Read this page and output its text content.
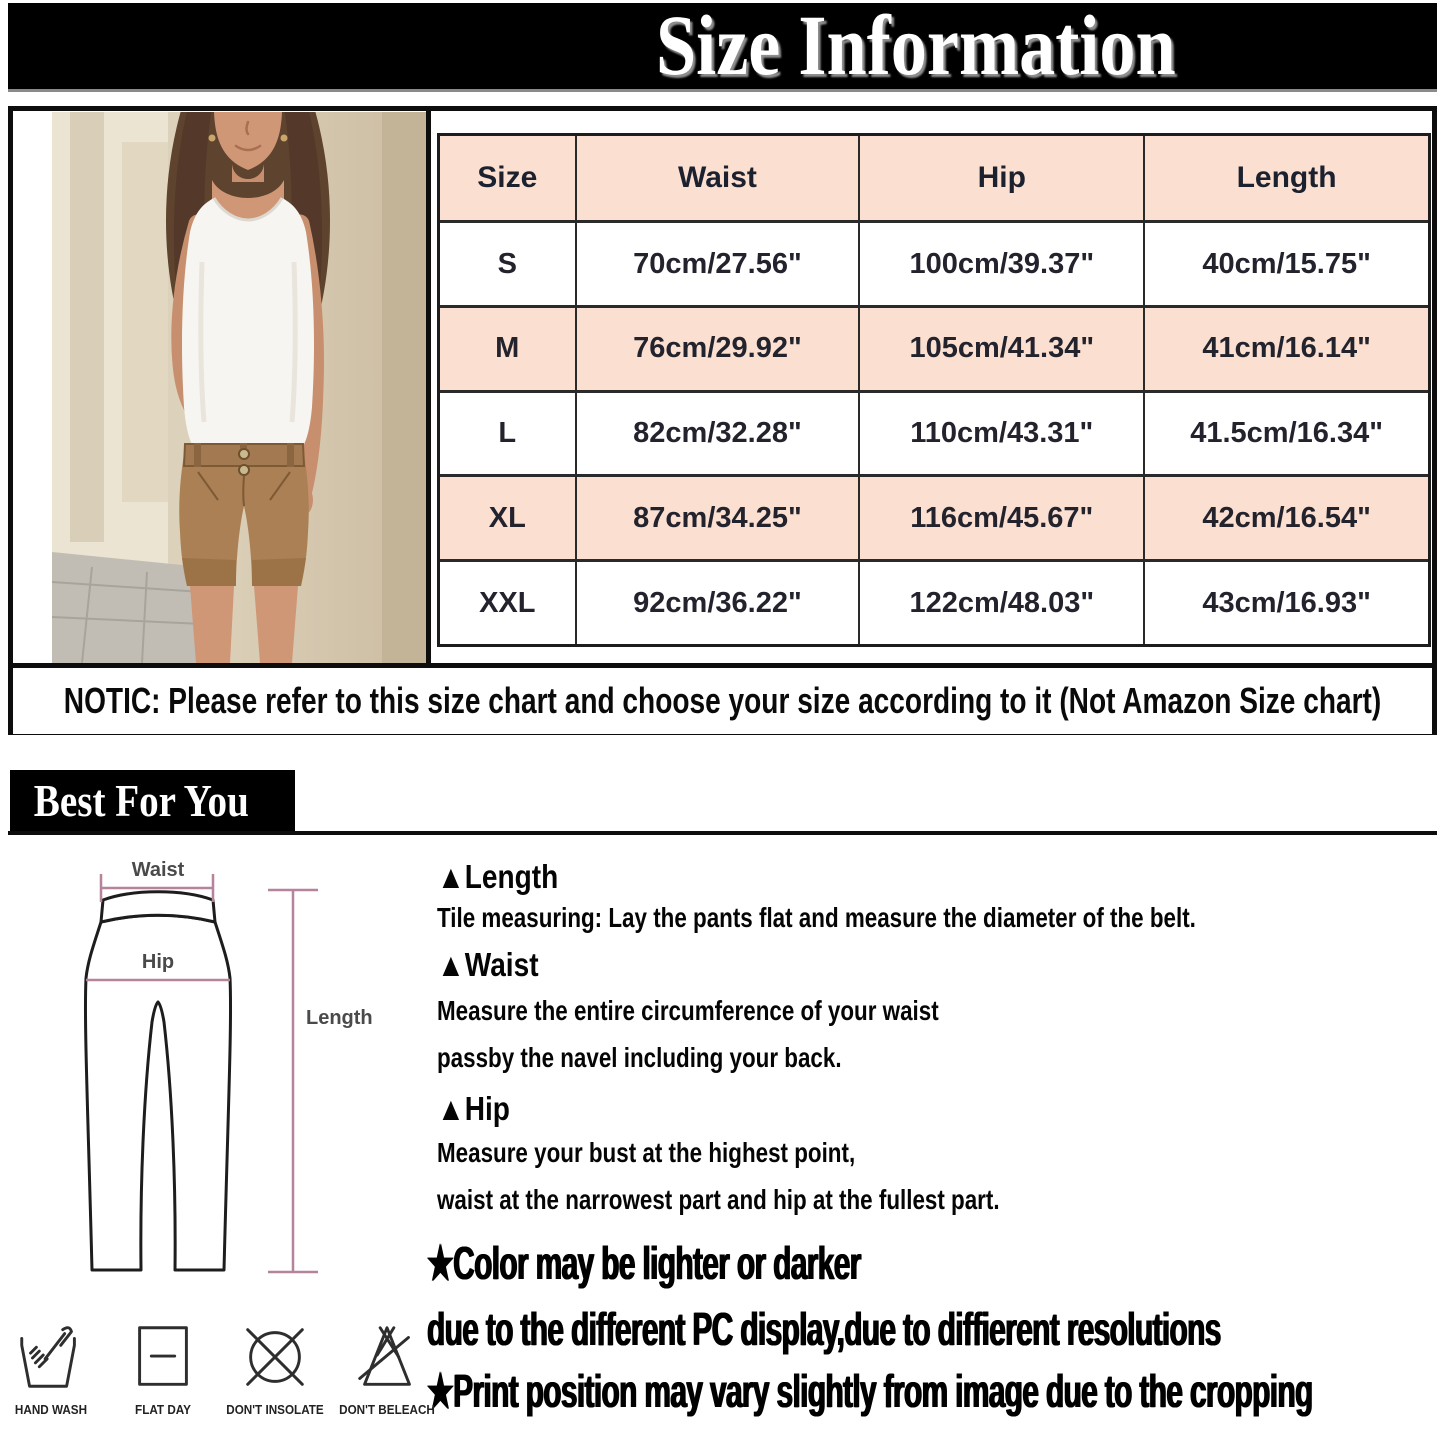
Size Information
Size	Waist	Hip	Length
S	70cm/27.56"	100cm/39.37"	40cm/15.75"
M	76cm/29.92"	105cm/41.34"	41cm/16.14"
L	82cm/32.28"	110cm/43.31"	41.5cm/16.34"
XL	87cm/34.25"	116cm/45.67"	42cm/16.54"
XXL	92cm/36.22"	122cm/48.03"	43cm/16.93"

NOTIC: Please refer to this size chart and choose your size according to it (Not Amazon Size chart)

Best For You
Waist
Hip
Length
▲Length
Tile measuring: Lay the pants flat and measure the diameter of the belt.
▲Waist
Measure the entire circumference of your waist
passby the navel including your back.
▲Hip
Measure your bust at the highest point,
waist at the narrowest part and hip at the fullest part.
★Color may be lighter or darker
due to the different PC display,due to diffierent resolutions
★Print position may vary slightly from image due to the cropping
HAND WASH	FLAT DAY	DON'T INSOLATE DON'T BELEACH
